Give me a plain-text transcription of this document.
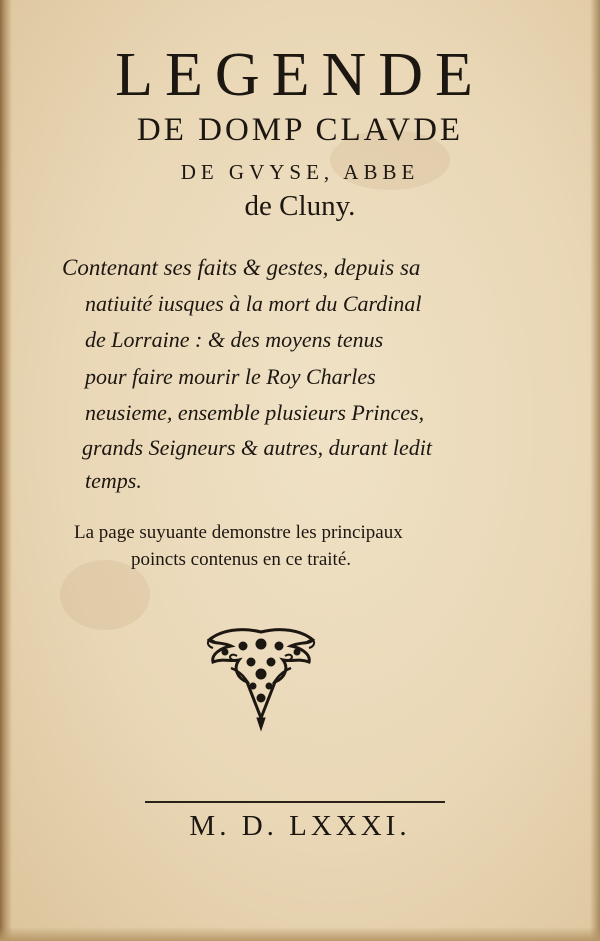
LEGENDE
DE DOMP CLAVDE
DE GVYSE, ABBE
de Cluny.
Contenant ses faits & gestes, depuis sa
natiuité iusques à la mort du Cardinal
de Lorraine : & des moyens tenus
pour faire mourir le Roy Charles
neusieme, ensemble plusieurs Princes,
grands Seigneurs & autres, durant ledit
temps.
La page suyuante demonstre les principaux
poincts contenus en ce traité.
M. D. LXXXI.
